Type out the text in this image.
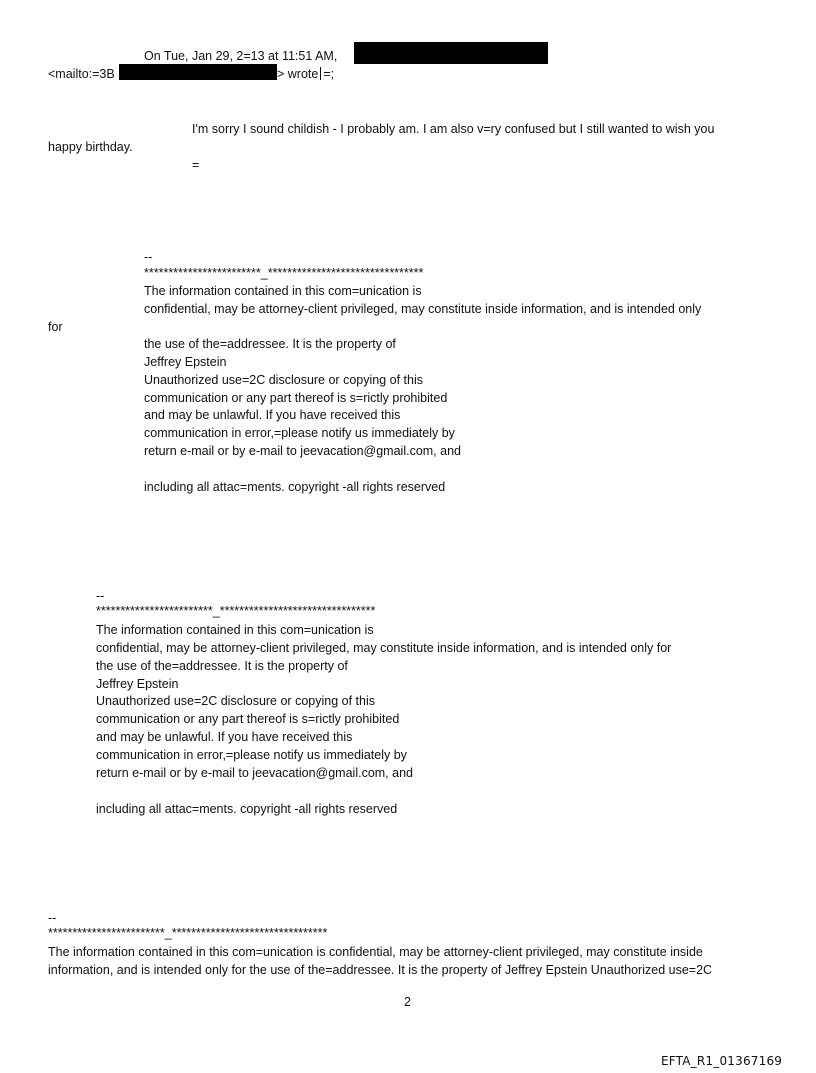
On Tue, Jan 29, 2=13 at 11:51 AM,
<mailto:=3B	> wrote =;
I'm sorry I sound childish - I probably am. I am also v=ry confused but I still wanted to wish you
happy birthday.
=
--
************************_********************************
The information contained in this com=unication is
confidential, may be attorney-client privileged, may constitute inside information, and is intended only
for
the use of the=addressee. It is the property of
Jeffrey Epstein
Unauthorized use=2C disclosure or copying of this
communication or any part thereof is s=rictly prohibited
and may be unlawful. If you have received this
communication in error,=please notify us immediately by
return e-mail or by e-mail to jeevacation@gmail.com, and
including all attac=ments. copyright -all rights reserved
--
************************_********************************
The information contained in this com=unication is
confidential, may be attorney-client privileged, may constitute inside information, and is intended only for
the use of the=addressee. It is the property of
Jeffrey Epstein
Unauthorized use=2C disclosure or copying of this
communication or any part thereof is s=rictly prohibited
and may be unlawful. If you have received this
communication in error,=please notify us immediately by
return e-mail or by e-mail to jeevacation@gmail.com, and
including all attac=ments. copyright -all rights reserved
--
************************_********************************
The information contained in this com=unication is confidential, may be attorney-client privileged, may constitute inside
information, and is intended only for the use of the=addressee. It is the property of Jeffrey Epstein Unauthorized use=2C
2
EFTA_R1_01367169
